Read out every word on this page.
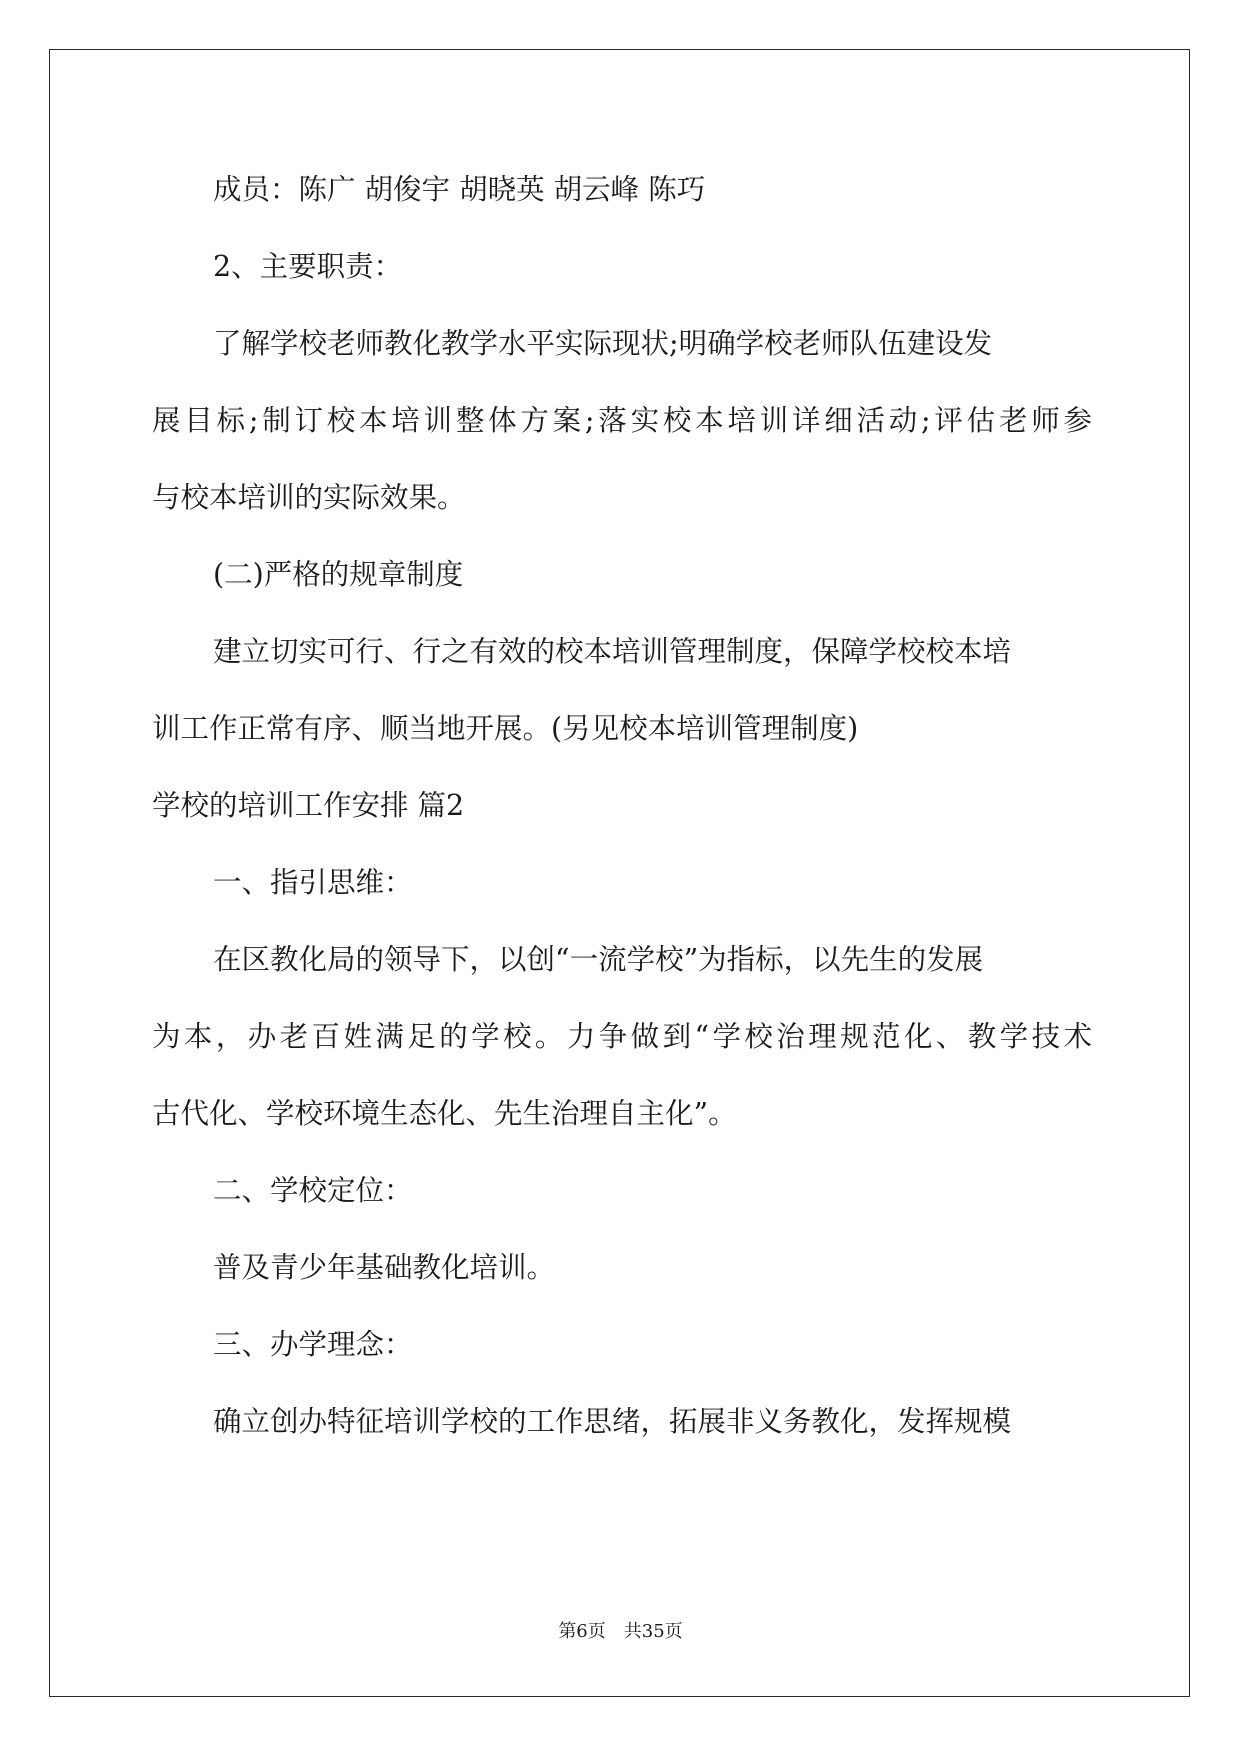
成员：陈广 胡俊宇 胡晓英 胡云峰 陈巧
2、主要职责：
了解学校老师教化教学水平实际现状;明确学校老师队伍建设发
展目标;制订校本培训整体方案;落实校本培训详细活动;评估老师参
与校本培训的实际效果。
(二)严格的规章制度
建立切实可行、行之有效的校本培训管理制度，保障学校校本培
训工作正常有序、顺当地开展。(另见校本培训管理制度)
学校的培训工作安排 篇2
一、指引思维：
在区教化局的领导下，以创“一流学校”为指标，以先生的发展
为本，办老百姓满足的学校。力争做到“学校治理规范化、教学技术
古代化、学校环境生态化、先生治理自主化”。
二、学校定位：
普及青少年基础教化培训。
三、办学理念：
确立创办特征培训学校的工作思绪，拓展非义务教化，发挥规模
第6页 共35页
